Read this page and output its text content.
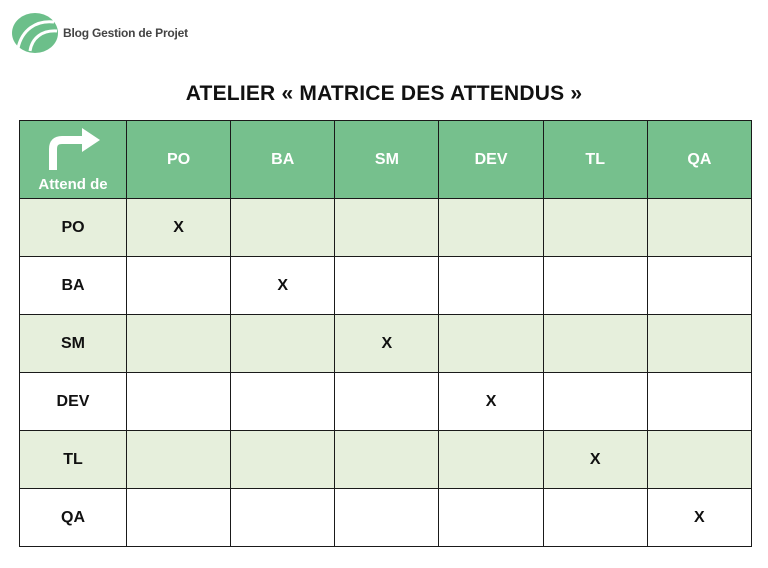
Blog Gestion de Projet
ATELIER « MATRICE DES ATTENDUS »
Attend de	PO	BA	SM	DEV	TL	QA
PO	X					
BA		X				
SM			X			
DEV				X		
TL					X	
QA						X
